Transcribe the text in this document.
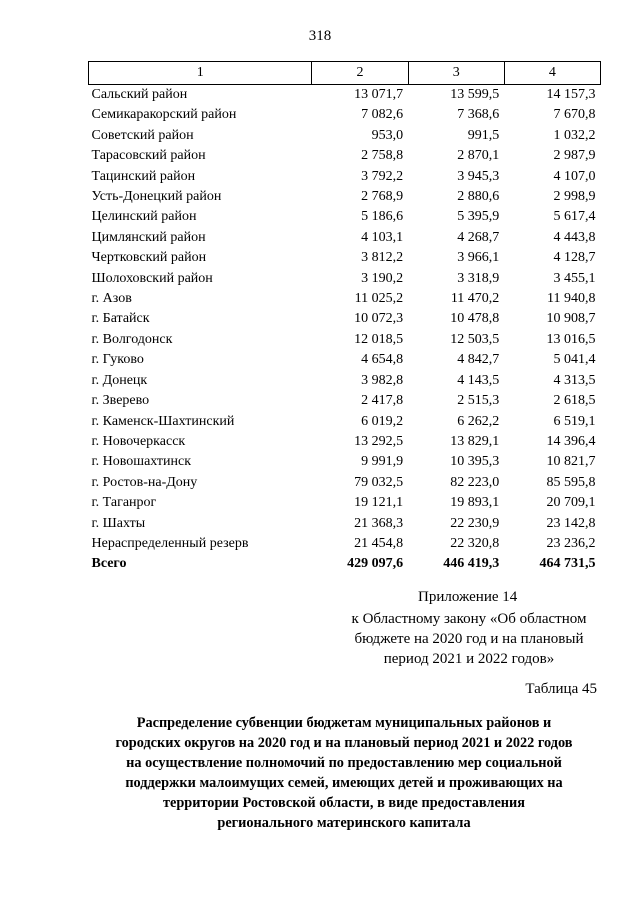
318
1	2	3	4
Сальский район	13 071,7	13 599,5	14 157,3
Семикаракорский район	7 082,6	7 368,6	7 670,8
Советский район	953,0	991,5	1 032,2
Тарасовский район	2 758,8	2 870,1	2 987,9
Тацинский район	3 792,2	3 945,3	4 107,0
Усть-Донецкий район	2 768,9	2 880,6	2 998,9
Целинский район	5 186,6	5 395,9	5 617,4
Цимлянский район	4 103,1	4 268,7	4 443,8
Чертковский район	3 812,2	3 966,1	4 128,7
Шолоховский район	3 190,2	3 318,9	3 455,1
г. Азов	11 025,2	11 470,2	11 940,8
г. Батайск	10 072,3	10 478,8	10 908,7
г. Волгодонск	12 018,5	12 503,5	13 016,5
г. Гуково	4 654,8	4 842,7	5 041,4
г. Донецк	3 982,8	4 143,5	4 313,5
г. Зверево	2 417,8	2 515,3	2 618,5
г. Каменск-Шахтинский	6 019,2	6 262,2	6 519,1
г. Новочеркасск	13 292,5	13 829,1	14 396,4
г. Новошахтинск	9 991,9	10 395,3	10 821,7
г. Ростов-на-Дону	79 032,5	82 223,0	85 595,8
г. Таганрог	19 121,1	19 893,1	20 709,1
г. Шахты	21 368,3	22 230,9	23 142,8
Нераспределенный резерв	21 454,8	22 320,8	23 236,2
Всего	429 097,6	446 419,3	464 731,5
Приложение 14
к Областному закону «Об областном
бюджете на 2020 год и на плановый
период 2021 и 2022 годов»
Таблица 45
Распределение субвенции бюджетам муниципальных районов и
городских округов на 2020 год и на плановый период 2021 и 2022 годов
на осуществление полномочий по предоставлению мер социальной
поддержки малоимущих семей, имеющих детей и проживающих на
территории Ростовской области, в виде предоставления
регионального материнского капитала
